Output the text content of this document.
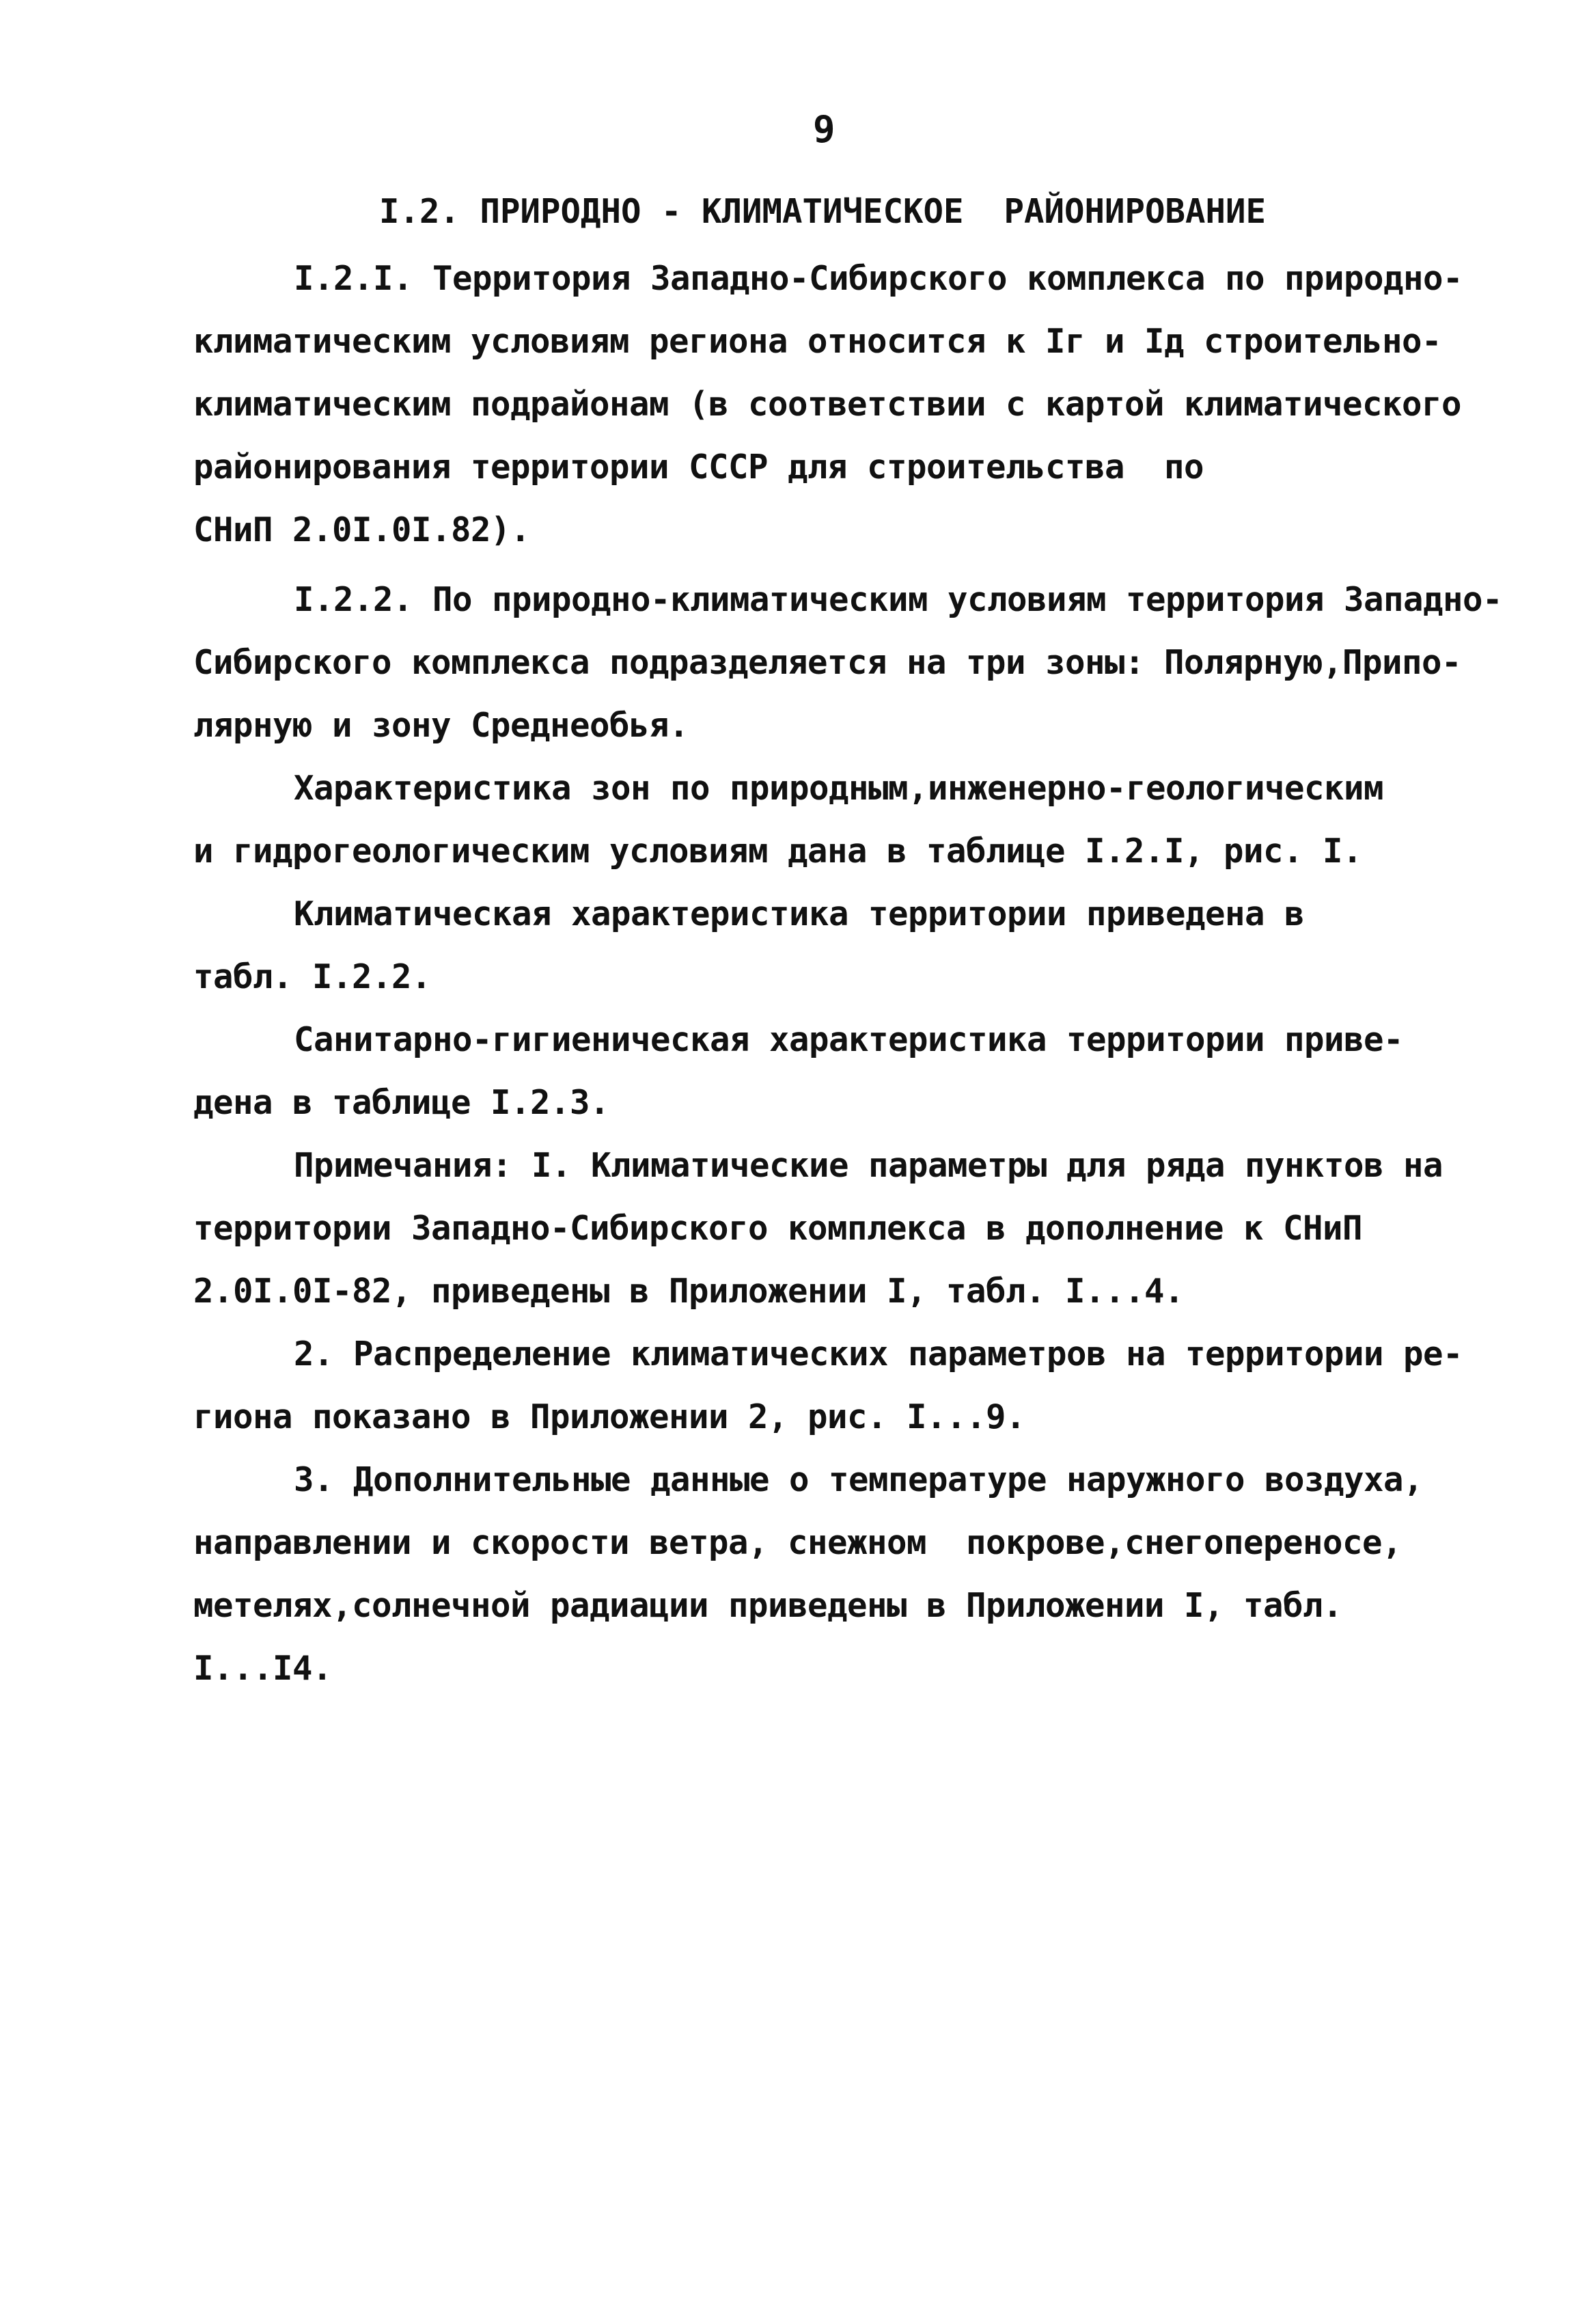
9
I.2. ПРИРОДНО - КЛИМАТИЧЕСКОЕ  РАЙОНИРОВАНИЕ
I.2.I. Территория Западно-Сибирского комплекса по природно-
климатическим условиям региона относится к Iг и Iд строительно-
климатическим подрайонам (в соответствии с картой климатического
районирования территории СССР для строительства  по
СНиП 2.0I.0I.82).
I.2.2. По природно-климатическим условиям территория Западно-
Сибирского комплекса подразделяется на три зоны: Полярную,Припо-
лярную и зону Среднеобья.
Характеристика зон по природным,инженерно-геологическим
и гидрогеологическим условиям дана в таблице I.2.I, рис. I.
Климатическая характеристика территории приведена в
табл. I.2.2.
Санитарно-гигиеническая характеристика территории приве-
дена в таблице I.2.3.
Примечания: I. Климатические параметры для ряда пунктов на
территории Западно-Сибирского комплекса в дополнение к СНиП
2.0I.0I-82, приведены в Приложении I, табл. I...4.
2. Распределение климатических параметров на территории ре-
гиона показано в Приложении 2, рис. I...9.
3. Дополнительные данные о температуре наружного воздуха,
направлении и скорости ветра, снежном  покрове,снегопереносе,
метелях,солнечной радиации приведены в Приложении I, табл.
I...I4.
